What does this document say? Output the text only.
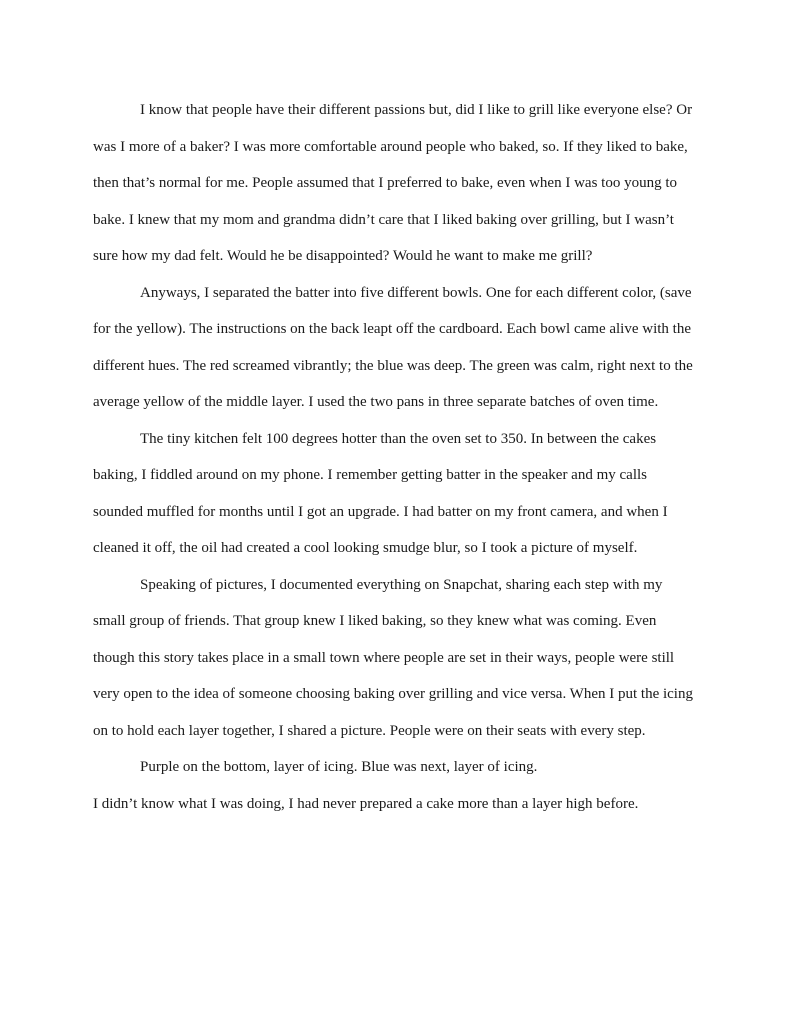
I know that people have their different passions but, did I like to grill like everyone else? Or was I more of a baker? I was more comfortable around people who baked, so. If they liked to bake, then that’s normal for me. People assumed that I preferred to bake, even when I was too young to bake. I knew that my mom and grandma didn’t care that I liked baking over grilling, but I wasn’t sure how my dad felt. Would he be disappointed? Would he want to make me grill?

Anyways, I separated the batter into five different bowls. One for each different color, (save for the yellow). The instructions on the back leapt off the cardboard. Each bowl came alive with the different hues. The red screamed vibrantly; the blue was deep. The green was calm, right next to the average yellow of the middle layer. I used the two pans in three separate batches of oven time.

The tiny kitchen felt 100 degrees hotter than the oven set to 350. In between the cakes baking, I fiddled around on my phone. I remember getting batter in the speaker and my calls sounded muffled for months until I got an upgrade. I had batter on my front camera, and when I cleaned it off, the oil had created a cool looking smudge blur, so I took a picture of myself.

Speaking of pictures, I documented everything on Snapchat, sharing each step with my small group of friends. That group knew I liked baking, so they knew what was coming. Even though this story takes place in a small town where people are set in their ways, people were still very open to the idea of someone choosing baking over grilling and vice versa. When I put the icing on to hold each layer together, I shared a picture. People were on their seats with every step.

Purple on the bottom, layer of icing. Blue was next, layer of icing.

I didn’t know what I was doing, I had never prepared a cake more than a layer high before.
